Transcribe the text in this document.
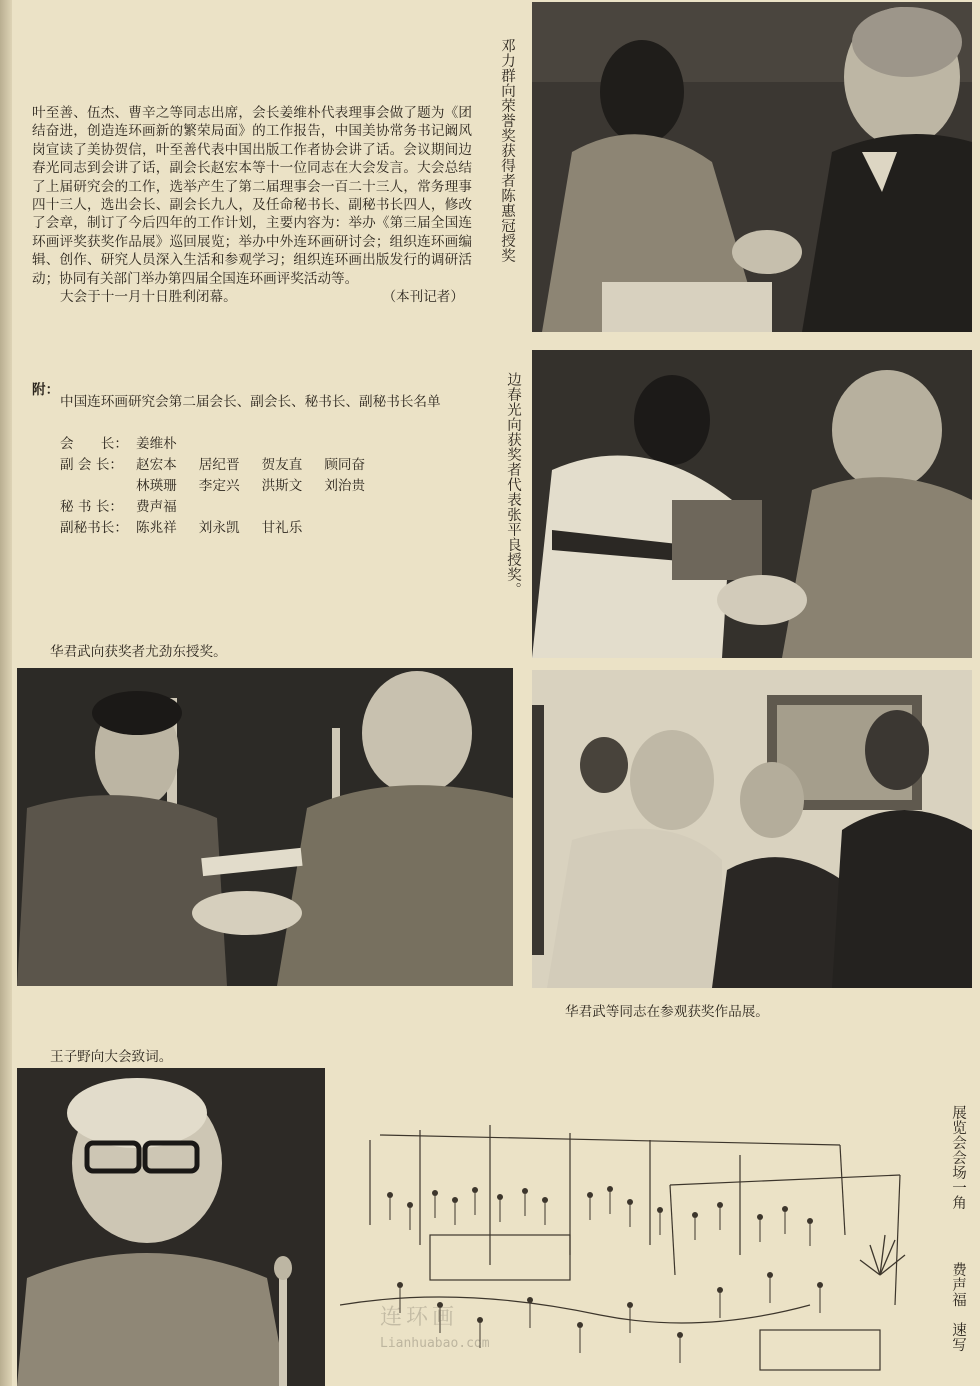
叶至善、伍杰、曹辛之等同志出席，会长姜维朴代表理事会做了题为《团结奋进，创造连环画新的繁荣局面》的工作报告，中国美协常务书记阚风岗宣读了美协贺信，叶至善代表中国出版工作者协会讲了话。会议期间边春光同志到会讲了话，副会长赵宏本等十一位同志在大会发言。大会总结了上届研究会的工作，选举产生了第二届理事会一百二十三人，常务理事四十三人，选出会长、副会长九人，及任命秘书长、副秘书长四人，修改了会章，制订了今后四年的工作计划，主要内容为：举办《第三届全国连环画评奖获奖作品展》巡回展览；举办中外连环画研讨会；组织连环画编辑、创作、研究人员深入生活和参观学习；组织连环画出版发行的调研活动；协同有关部门举办第四届全国连环画评奖活动等。

大会于十一月十日胜利闭幕。	（本刊记者）

附：

中国连环画研究会第二届会长、副会长、秘书长、副秘书长名单

会　　长： 姜维朴
副 会 长： 赵宏本 居纪晋 贺友直 顾同奋
林瑛珊 李定兴 洪斯文 刘治贵
秘 书 长： 费声福
副秘书长： 陈兆祥 刘永凯 甘礼乐
邓力群向荣誉奖获得者陈惠冠授奖
边春光向获奖者代表张平良授奖。
华君武向获奖者尤劲东授奖。
华君武等同志在参观获奖作品展。
王子野向大会致词。
展览会会场一角
费声福　速写
连环画
Lianhuabao.com
